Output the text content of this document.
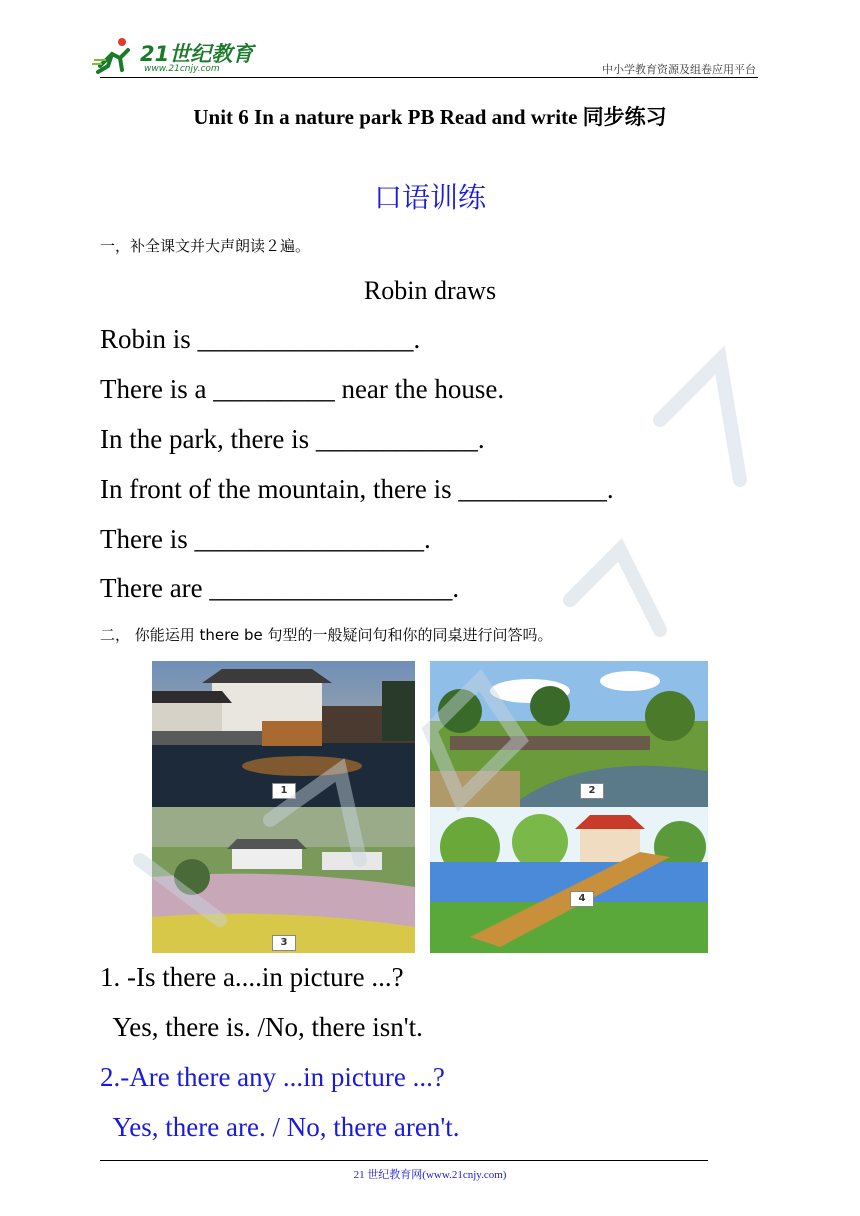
21世纪教育
www.21cnjy.com	中小学教育资源及组卷应用平台
Unit 6 In a nature park PB Read and write 同步练习
口语训练
一，补全课文并大声朗读２遍。
Robin draws
Robin is ________________.
There is a _________ near the house.
In the park, there is ____________.
In front of the mountain, there is ___________.
There is _________________.
There are __________________.
二， 你能运用 there be 句型的一般疑问句和你的同桌进行问答吗。
1	2
3
4
1. -Is there a....in picture ...?
Yes, there is. /No, there isn't.
2.-Are there any ...in picture ...?
Yes, there are. / No, there aren't.
21 世纪教育网(www.21cnjy.com)
